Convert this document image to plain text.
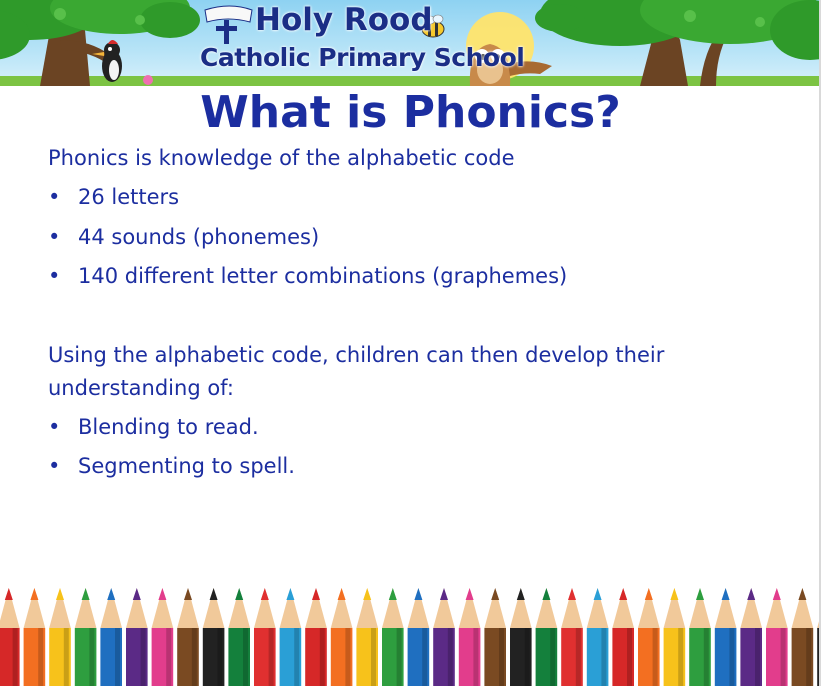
Holy Rood
Catholic Primary School
What is Phonics?
Phonics is knowledge of the alphabetic code
• 26 letters
• 44 sounds (phonemes)
• 140 different letter combinations (graphemes)
Using the alphabetic code, children can then develop their
understanding of:
• Blending to read.
• Segmenting to spell.
